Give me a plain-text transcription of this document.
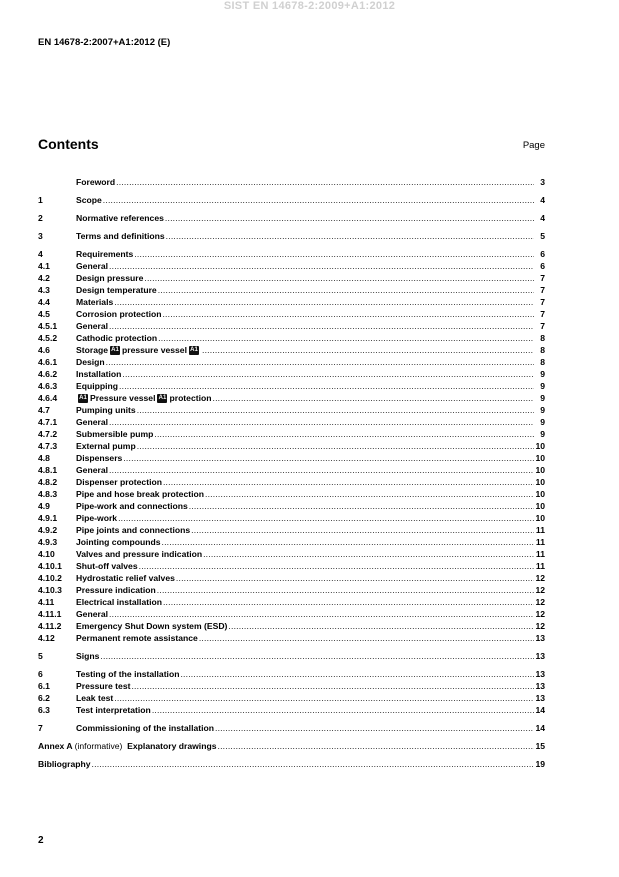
SIST EN 14678-2:2009+A1:2012
EN 14678-2:2007+A1:2012 (E)
Contents	Page
Foreword .....	3
1	Scope .....	4
2	Normative references .....	4
3	Terms and definitions .....	5
4	Requirements .....	6
4.1	General .....	6
4.2	Design pressure .....	7
4.3	Design temperature .....	7
4.4	Materials .....	7
4.5	Corrosion protection .....	7
4.5.1	General .....	7
4.5.2	Cathodic protection .....	8
4.6	Storage A1 pressure vessel A1 .....	8
4.6.1	Design .....	8
4.6.2	Installation .....	9
4.6.3	Equipping .....	9
4.6.4	A1 Pressure vessel A1 protection .....	9
4.7	Pumping units .....	9
4.7.1	General .....	9
4.7.2	Submersible pump .....	9
4.7.3	External pump .....	10
4.8	Dispensers .....	10
4.8.1	General .....	10
4.8.2	Dispenser protection .....	10
4.8.3	Pipe and hose break protection .....	10
4.9	Pipe-work and connections .....	10
4.9.1	Pipe-work .....	10
4.9.2	Pipe joints and connections .....	11
4.9.3	Jointing compounds .....	11
4.10	Valves and pressure indication .....	11
4.10.1	Shut-off valves .....	11
4.10.2	Hydrostatic relief valves .....	12
4.10.3	Pressure indication .....	12
4.11	Electrical installation .....	12
4.11.1	General .....	12
4.11.2	Emergency Shut Down system (ESD) .....	12
4.12	Permanent remote assistance .....	13
5	Signs .....	13
6	Testing of the installation .....	13
6.1	Pressure test .....	13
6.2	Leak test .....	13
6.3	Test interpretation .....	14
7	Commissioning of the installation .....	14
Annex A (informative) Explanatory drawings .....	15
Bibliography .....	19
2
